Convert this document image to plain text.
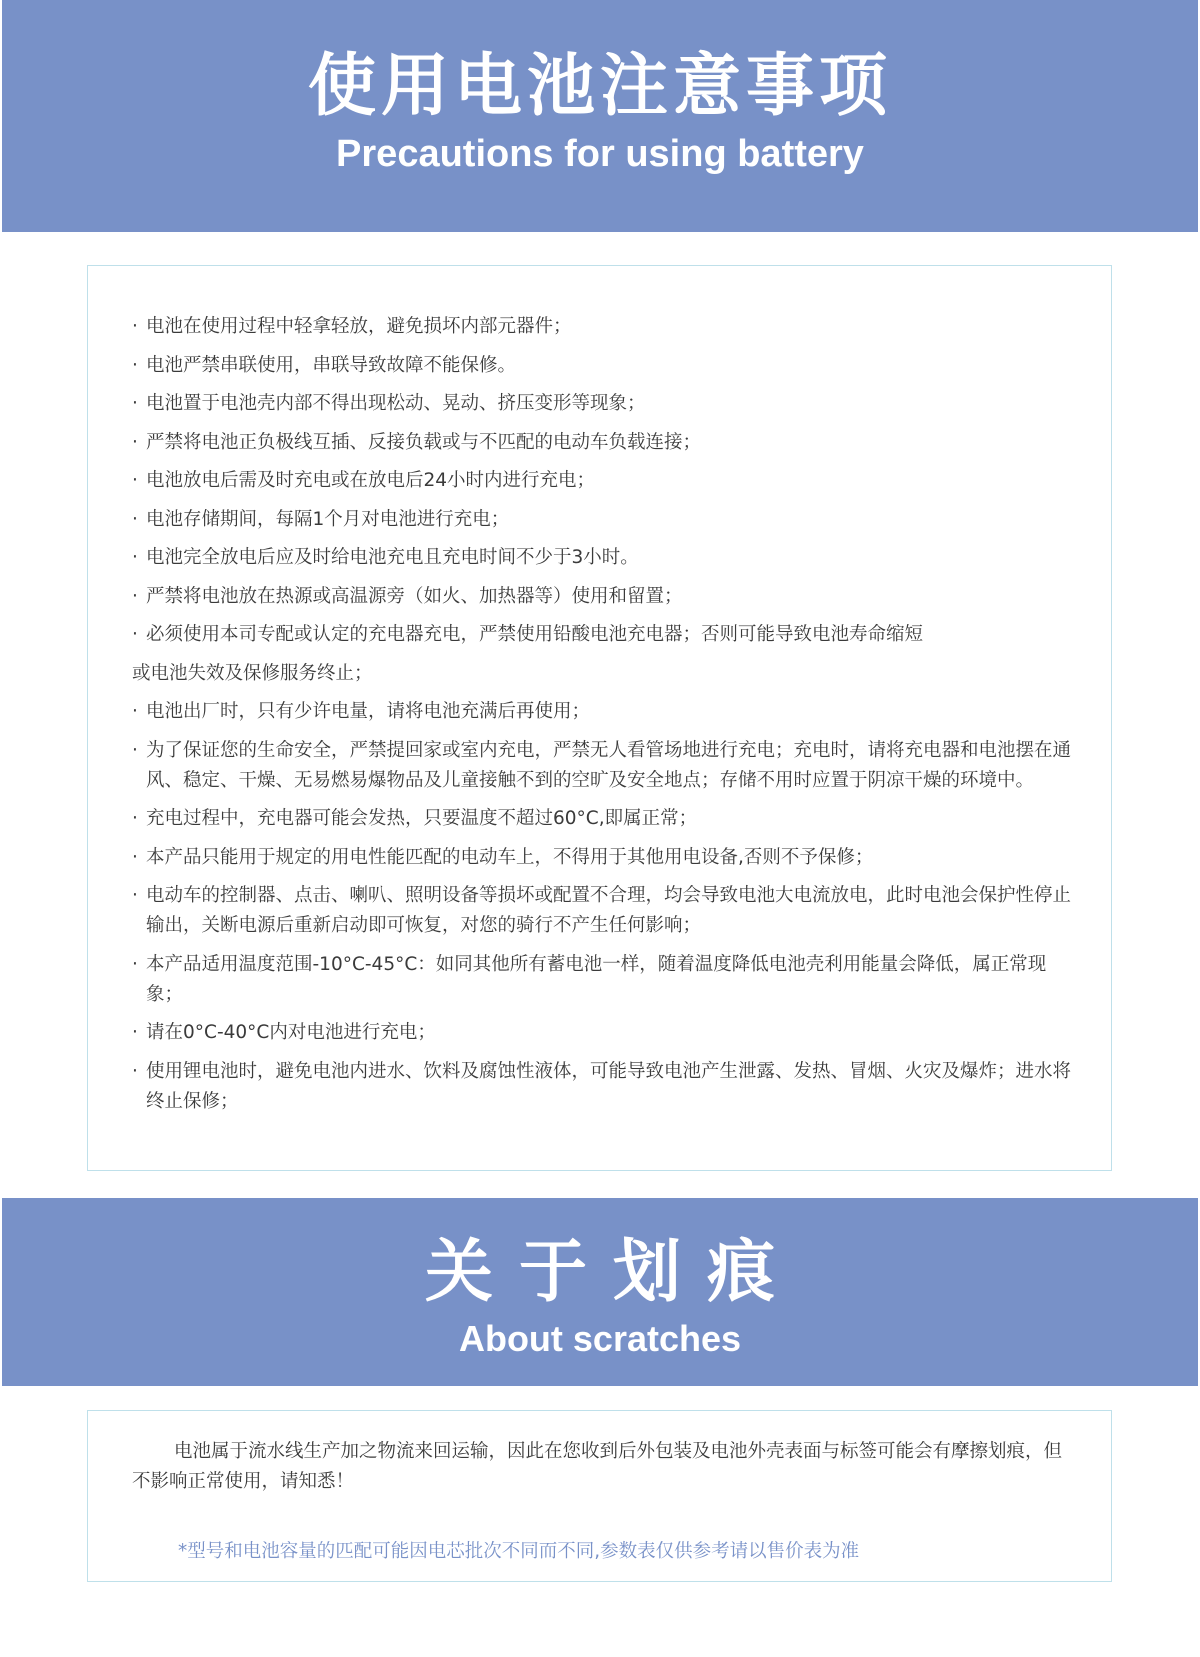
使用电池注意事项
Precautions for using battery
· 电池在使用过程中轻拿轻放，避免损坏内部元器件；
· 电池严禁串联使用，串联导致故障不能保修。
· 电池置于电池壳内部不得出现松动、晃动、挤压变形等现象；
· 严禁将电池正负极线互插、反接负载或与不匹配的电动车负载连接；
· 电池放电后需及时充电或在放电后24小时内进行充电；
· 电池存储期间，每隔1个月对电池进行充电；
· 电池完全放电后应及时给电池充电且充电时间不少于3小时。
· 严禁将电池放在热源或高温源旁（如火、加热器等）使用和留置；
· 必须使用本司专配或认定的充电器充电，严禁使用铅酸电池充电器；否则可能导致电池寿命缩短
或电池失效及保修服务终止；
· 电池出厂时，只有少许电量，请将电池充满后再使用；
· 为了保证您的生命安全，严禁提回家或室内充电，严禁无人看管场地进行充电；充电时，请将充电器和电池摆在通风、稳定、干燥、无易燃易爆物品及儿童接触不到的空旷及安全地点；存储不用时应置于阴凉干燥的环境中。
· 充电过程中，充电器可能会发热，只要温度不超过60°C,即属正常；
· 本产品只能用于规定的用电性能匹配的电动车上，不得用于其他用电设备,否则不予保修；
· 电动车的控制器、点击、喇叭、照明设备等损坏或配置不合理，均会导致电池大电流放电，此时电池会保护性停止输出，关断电源后重新启动即可恢复，对您的骑行不产生任何影响；
· 本产品适用温度范围-10°C-45°C：如同其他所有蓄电池一样，随着温度降低电池壳利用能量会降低，属正常现象；
· 请在0°C-40°C内对电池进行充电；
· 使用锂电池时，避免电池内进水、饮料及腐蚀性液体，可能导致电池产生泄露、发热、冒烟、火灾及爆炸；进水将终止保修；
关于划痕
About scratches

电池属于流水线生产加之物流来回运输，因此在您收到后外包装及电池外壳表面与标签可能会有摩擦划痕，但不影响正常使用，请知悉！

*型号和电池容量的匹配可能因电芯批次不同而不同,参数表仅供参考请以售价表为准
